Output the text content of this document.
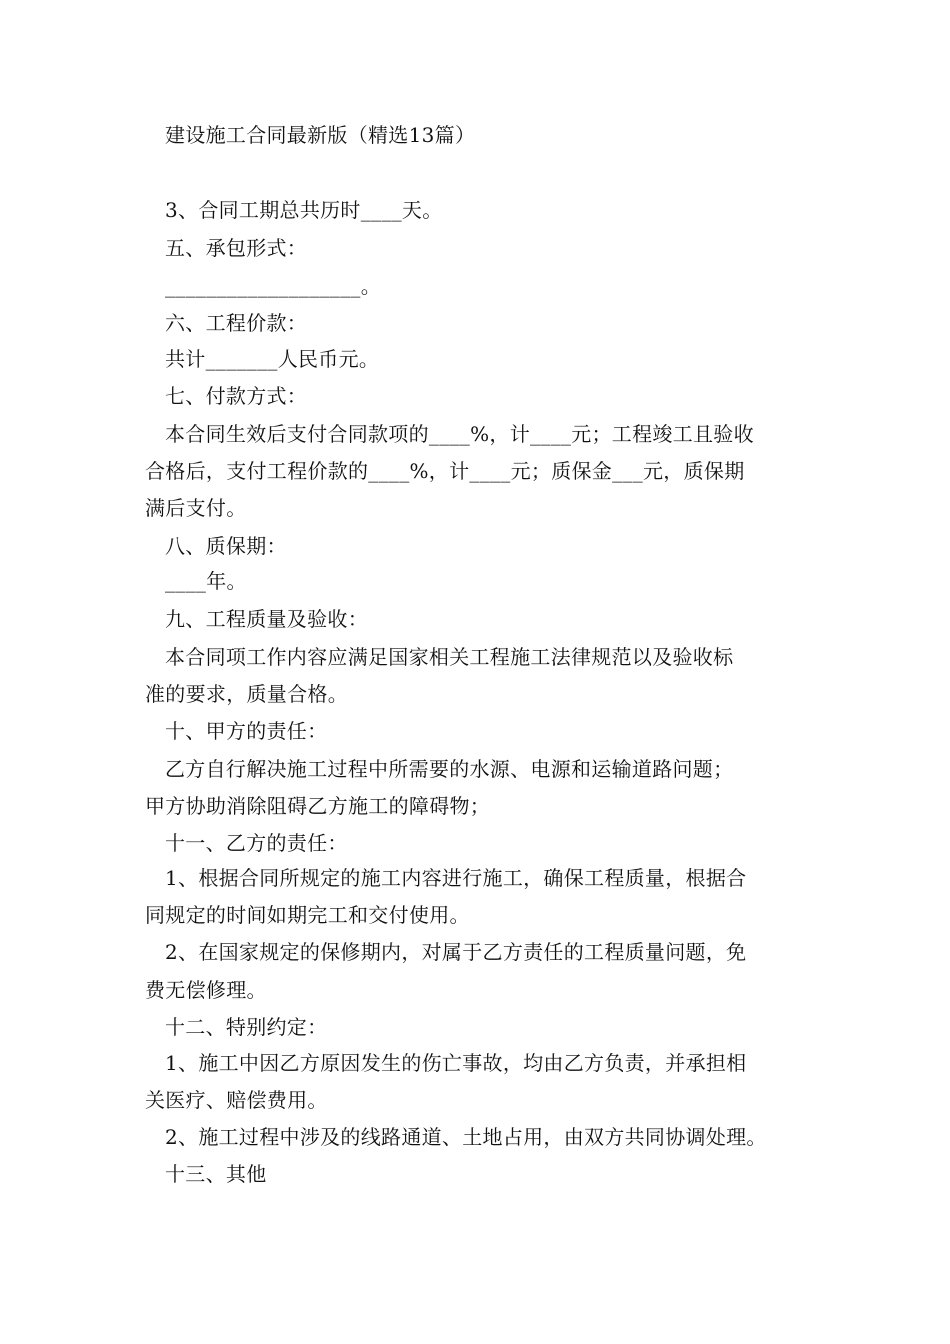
建设施工合同最新版（精选13篇）
3、合同工期总共历时____天。
五、承包形式：
___________________。
六、工程价款：
共计_______人民币元。
七、付款方式：
本合同生效后支付合同款项的____%，计____元；工程竣工且验收
合格后，支付工程价款的____%，计____元；质保金___元，质保期
满后支付。
八、质保期：
____年。
九、工程质量及验收：
本合同项工作内容应满足国家相关工程施工法律规范以及验收标
准的要求，质量合格。
十、甲方的责任：
乙方自行解决施工过程中所需要的水源、电源和运输道路问题；
甲方协助消除阻碍乙方施工的障碍物；
十一、乙方的责任：
1、根据合同所规定的施工内容进行施工，确保工程质量，根据合
同规定的时间如期完工和交付使用。
2、在国家规定的保修期内，对属于乙方责任的工程质量问题，免
费无偿修理。
十二、特别约定：
1、施工中因乙方原因发生的伤亡事故，均由乙方负责，并承担相
关医疗、赔偿费用。
2、施工过程中涉及的线路通道、土地占用，由双方共同协调处理。
十三、其他
